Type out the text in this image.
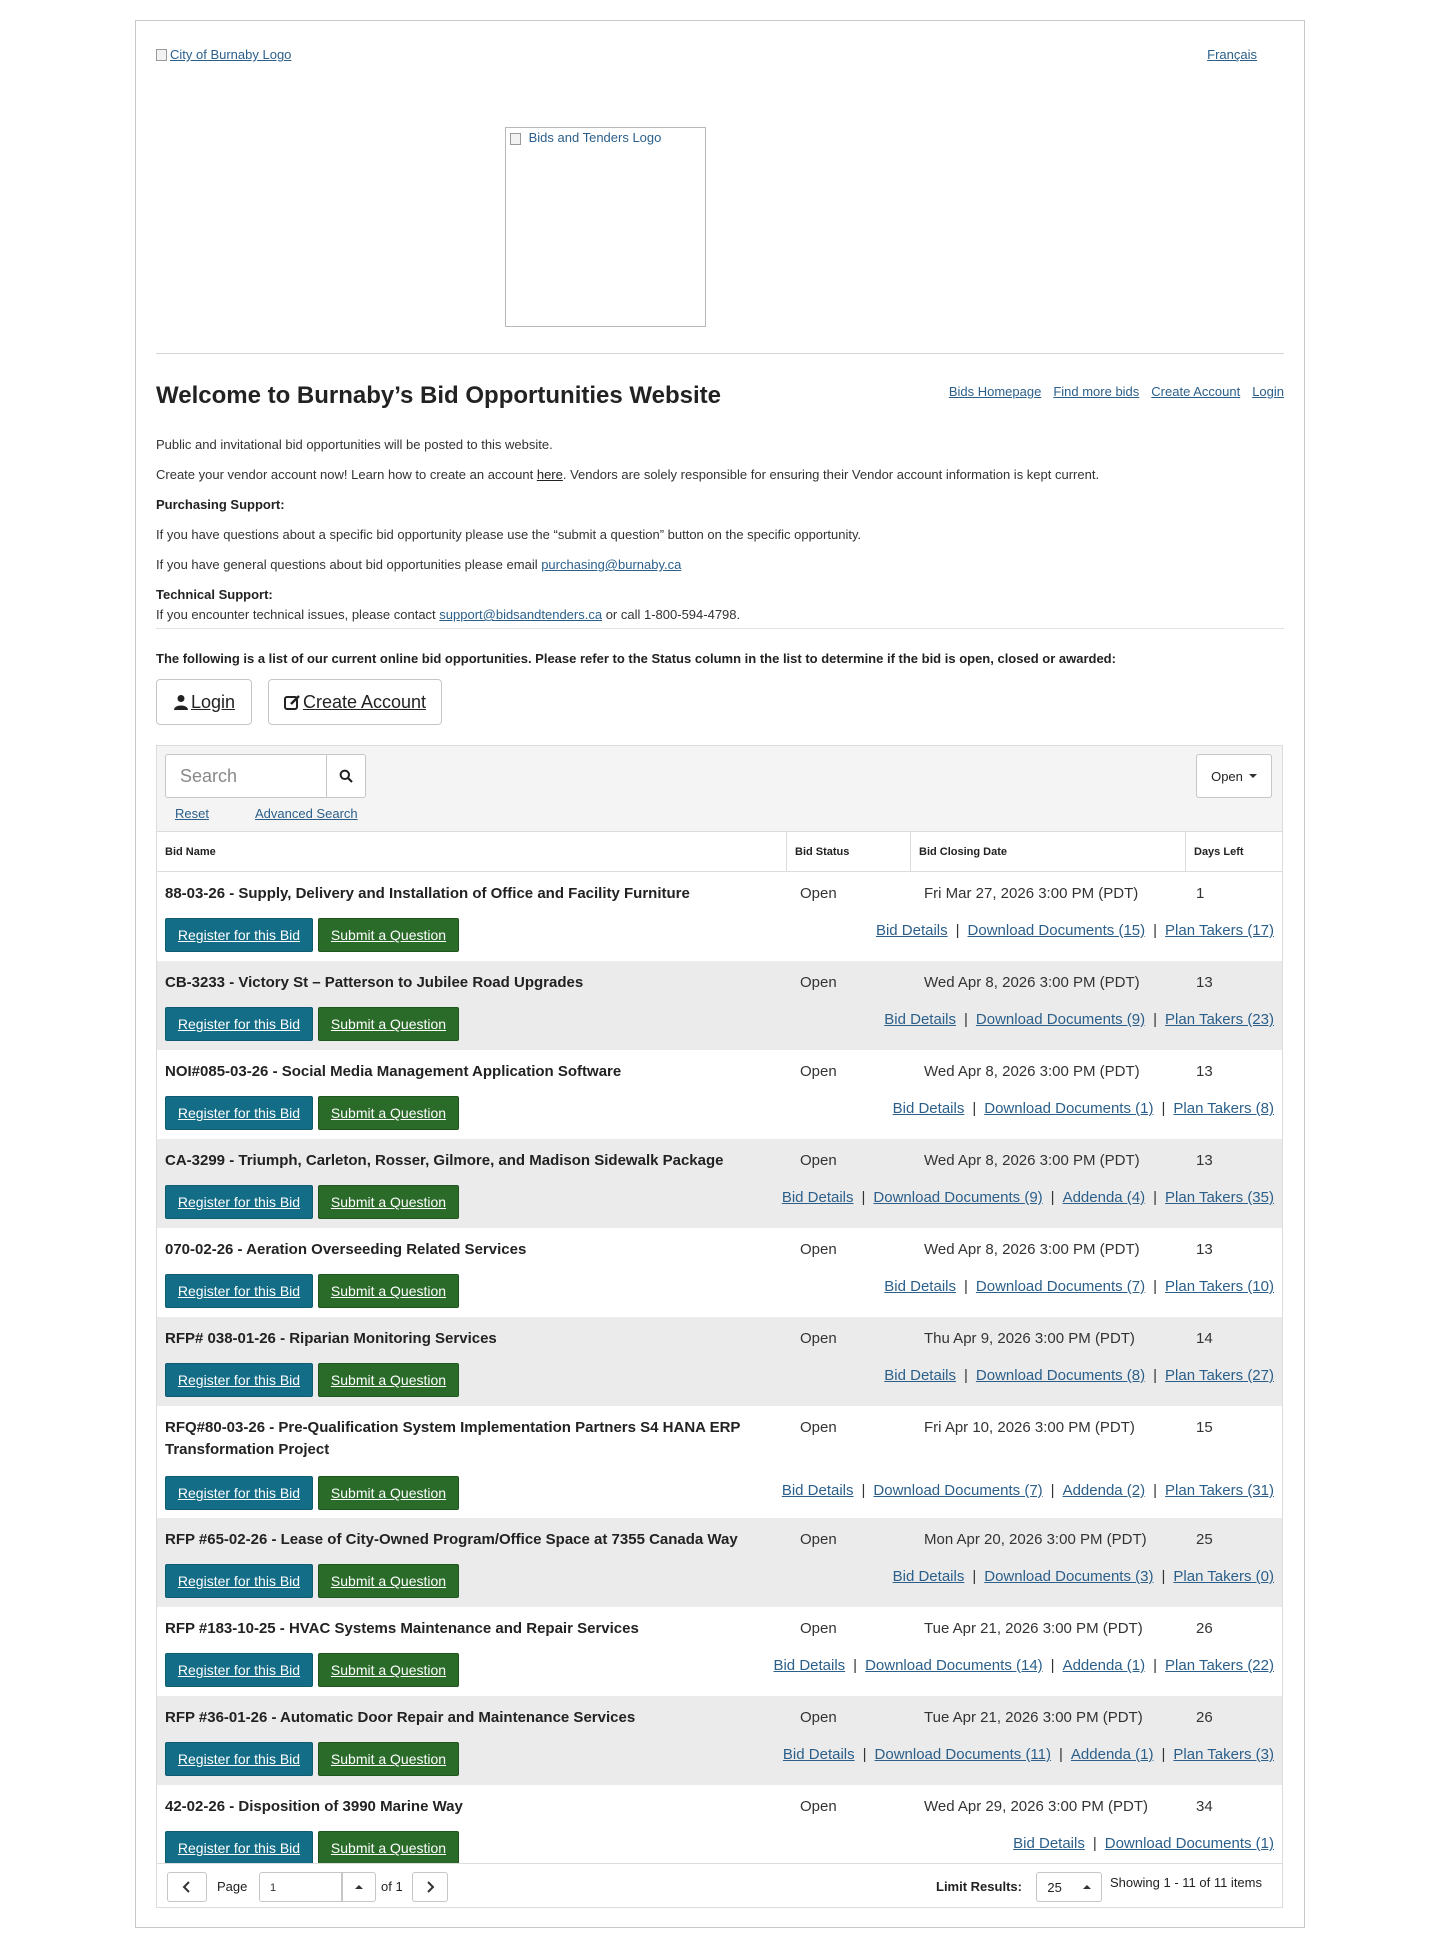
City of Burnaby Logo	Français
Bids and Tenders Logo
Welcome to Burnaby’s Bid Opportunities Website	Bids Homepage Find more bids Create Account Login

Public and invitational bid opportunities will be posted to this website.

Create your vendor account now! Learn how to create an account here. Vendors are solely responsible for ensuring their Vendor account information is kept current.

Purchasing Support:

If you have questions about a specific bid opportunity please use the “submit a question” button on the specific opportunity.

If you have general questions about bid opportunities please email purchasing@burnaby.ca

Technical Support:

If you encounter technical issues, please contact support@bidsandtenders.ca or call 1-800-594-4798.

The following is a list of our current online bid opportunities. Please refer to the Status column in the list to determine if the bid is open, closed or awarded:

Login	Create Account
Search
Reset	Advanced Search
Open
Bid Name	Bid Status	Bid Closing Date	Days Left
88-03-26 - Supply, Delivery and Installation of Office and Facility Furniture	Open	Fri Mar 27, 2026 3:00 PM (PDT)	1
Register for this Bid	Submit a Question	Bid Details | Download Documents (15) | Plan Takers (17)
CB-3233 - Victory St – Patterson to Jubilee Road Upgrades	Open	Wed Apr 8, 2026 3:00 PM (PDT)	13
Register for this Bid	Submit a Question	Bid Details | Download Documents (9) | Plan Takers (23)
NOI#085-03-26 - Social Media Management Application Software	Open	Wed Apr 8, 2026 3:00 PM (PDT)	13
Register for this Bid	Submit a Question	Bid Details | Download Documents (1) | Plan Takers (8)
CA-3299 - Triumph, Carleton, Rosser, Gilmore, and Madison Sidewalk Package	Open	Wed Apr 8, 2026 3:00 PM (PDT)	13
Register for this Bid	Submit a Question	Bid Details | Download Documents (9) | Addenda (4) | Plan Takers (35)
070-02-26 - Aeration Overseeding Related Services	Open	Wed Apr 8, 2026 3:00 PM (PDT)	13
Register for this Bid	Submit a Question	Bid Details | Download Documents (7) | Plan Takers (10)
RFP# 038-01-26 - Riparian Monitoring Services	Open	Thu Apr 9, 2026 3:00 PM (PDT)	14
Register for this Bid	Submit a Question	Bid Details | Download Documents (8) | Plan Takers (27)
RFQ#80-03-26 - Pre-Qualification System Implementation Partners S4 HANA ERP Transformation Project
Open	Fri Apr 10, 2026 3:00 PM (PDT)	15
Register for this Bid	Submit a Question	Bid Details | Download Documents (7) | Addenda (2) | Plan Takers (31)
RFP #65-02-26 - Lease of City-Owned Program/Office Space at 7355 Canada Way	Open	Mon Apr 20, 2026 3:00 PM (PDT)	25
Register for this Bid	Submit a Question	Bid Details | Download Documents (3) | Plan Takers (0)
RFP #183-10-25 - HVAC Systems Maintenance and Repair Services	Open	Tue Apr 21, 2026 3:00 PM (PDT)	26
Register for this Bid	Submit a Question	Bid Details | Download Documents (14) | Addenda (1) | Plan Takers (22)
RFP #36-01-26 - Automatic Door Repair and Maintenance Services	Open	Tue Apr 21, 2026 3:00 PM (PDT)	26
Register for this Bid	Submit a Question	Bid Details | Download Documents (11) | Addenda (1) | Plan Takers (3)
42-02-26 - Disposition of 3990 Marine Way	Open	Wed Apr 29, 2026 3:00 PM (PDT)	34
Register for this Bid	Submit a Question	Bid Details | Download Documents (1)
Page	1	of 1	Limit Results: 25	Showing 1 - 11 of 11 items
